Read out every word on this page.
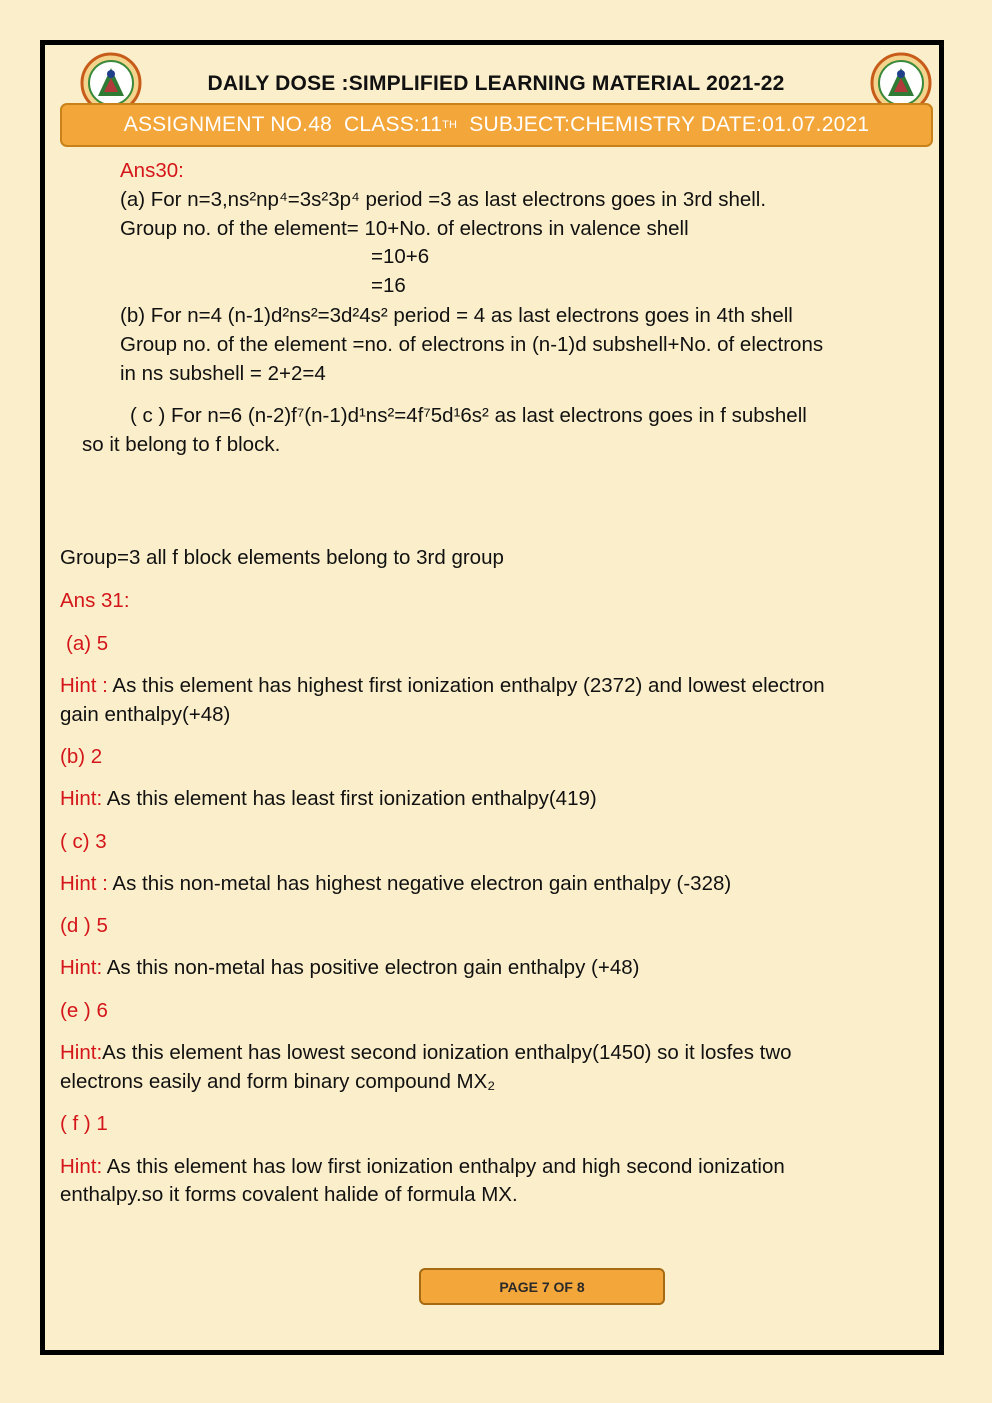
DAILY DOSE :SIMPLIFIED LEARNING MATERIAL 2021-22
ASSIGNMENT NO.48  CLASS:11 TH SUBJECT:CHEMISTRY DATE:01.07.2021
Ans30:
(a) For n=3,ns²np⁴=3s²3p⁴ period =3 as last electrons goes in 3rd shell.
Group no. of the element= 10+No. of electrons in valence shell
=10+6
=16
(b) For n=4 (n-1)d²ns²=3d²4s² period = 4 as last electrons goes in 4th shell
Group no. of the element =no. of electrons in (n-1)d subshell+No. of electrons
in ns subshell = 2+2=4
( c ) For n=6 (n-2)f⁷(n-1)d¹ns²=4f⁷5d¹6s² as last electrons goes in f subshell
so it belong to f block.
Group=3 all f block elements belong to 3rd group
Ans 31:
(a) 5
Hint : As this element has highest first ionization enthalpy (2372) and lowest electron
gain enthalpy(+48)
(b) 2
Hint: As this element has least first ionization enthalpy(419)
( c) 3
Hint : As this non-metal has highest negative electron gain enthalpy (-328)
(d ) 5
Hint: As this non-metal has positive electron gain enthalpy (+48)
(e ) 6
Hint:As this element has lowest second ionization enthalpy(1450) so it losfes two
electrons easily and form binary compound MX₂
( f ) 1
Hint: As this element has low first ionization enthalpy and high second ionization
enthalpy.so it forms covalent halide of formula MX.
PAGE 7 OF 8
